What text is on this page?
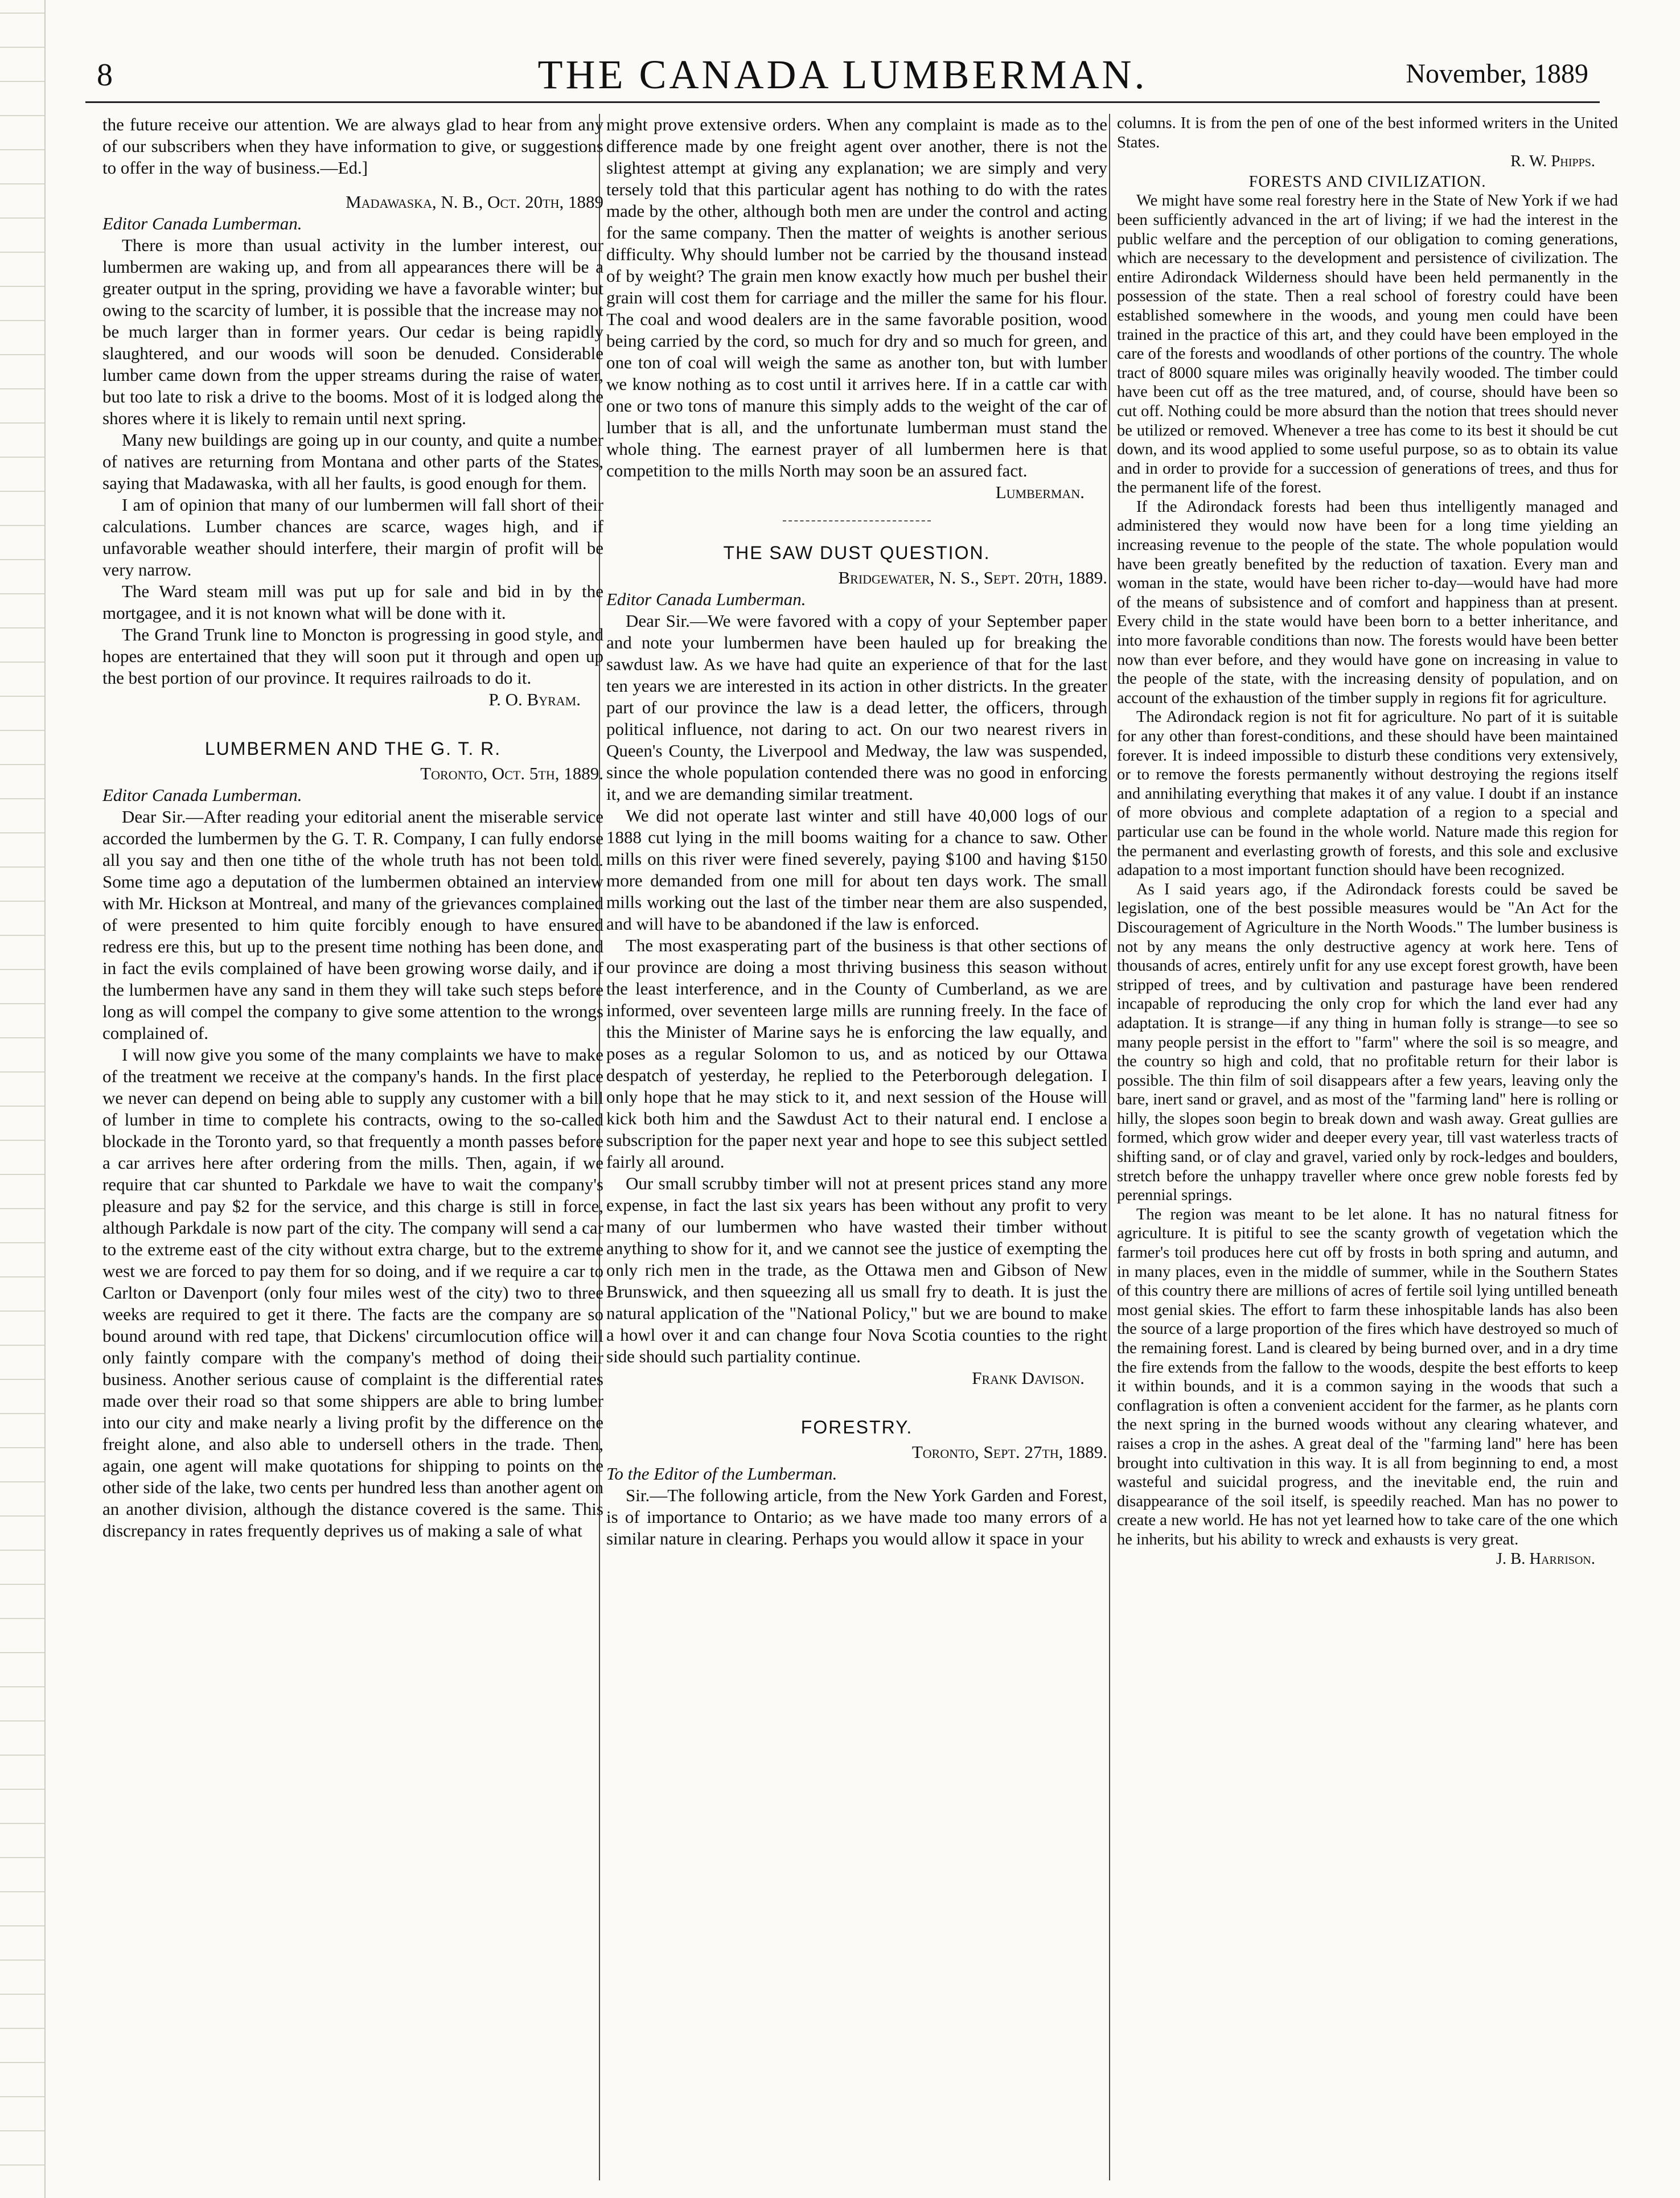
8	THE CANADA LUMBERMAN.	November, 1889

the future receive our attention. We are always glad to hear from any of our subscribers when they have information to give, or suggestions to offer in the way of business.—Ed.]

Madawaska, N. B., Oct. 20th, 1889

Editor Canada Lumberman.

There is more than usual activity in the lumber interest, our lumbermen are waking up, and from all appearances there will be a greater output in the spring, providing we have a favorable winter; but owing to the scarcity of lumber, it is possible that the increase may not be much larger than in former years. Our cedar is being rapidly slaughtered, and our woods will soon be denuded. Considerable lumber came down from the upper streams during the raise of water, but too late to risk a drive to the booms. Most of it is lodged along the shores where it is likely to remain until next spring.

Many new buildings are going up in our county, and quite a number of natives are returning from Montana and other parts of the States, saying that Madawaska, with all her faults, is good enough for them.

I am of opinion that many of our lumbermen will fall short of their calculations. Lumber chances are scarce, wages high, and if unfavorable weather should interfere, their margin of profit will be very narrow.

The Ward steam mill was put up for sale and bid in by the mortgagee, and it is not known what will be done with it.

The Grand Trunk line to Moncton is progressing in good style, and hopes are entertained that they will soon put it through and open up the best portion of our province. It requires railroads to do it.

P. O. Byram.

LUMBERMEN AND THE G. T. R.

Toronto, Oct. 5th, 1889.

Editor Canada Lumberman.

Dear Sir.—After reading your editorial anent the miserable service accorded the lumbermen by the G. T. R. Company, I can fully endorse all you say and then one tithe of the whole truth has not been told. Some time ago a deputation of the lumbermen obtained an interview with Mr. Hickson at Montreal, and many of the grievances complained of were presented to him quite forcibly enough to have ensured redress ere this, but up to the present time nothing has been done, and in fact the evils complained of have been growing worse daily, and if the lumbermen have any sand in them they will take such steps before long as will compel the company to give some attention to the wrongs complained of.

I will now give you some of the many complaints we have to make of the treatment we receive at the company's hands. In the first place we never can depend on being able to supply any customer with a bill of lumber in time to complete his contracts, owing to the so-called blockade in the Toronto yard, so that frequently a month passes before a car arrives here after ordering from the mills. Then, again, if we require that car shunted to Parkdale we have to wait the company's pleasure and pay $2 for the service, and this charge is still in force, although Parkdale is now part of the city. The company will send a car to the extreme east of the city without extra charge, but to the extreme west we are forced to pay them for so doing, and if we require a car to Carlton or Davenport (only four miles west of the city) two to three weeks are required to get it there. The facts are the company are so bound around with red tape, that Dickens' circumlocution office will only faintly compare with the company's method of doing their business. Another serious cause of complaint is the differential rates made over their road so that some shippers are able to bring lumber into our city and make nearly a living profit by the difference on the freight alone, and also able to undersell others in the trade. Then, again, one agent will make quotations for shipping to points on the other side of the lake, two cents per hundred less than another agent on an another division, although the distance covered is the same. This discrepancy in rates frequently deprives us of making a sale of what

might prove extensive orders. When any complaint is made as to the difference made by one freight agent over another, there is not the slightest attempt at giving any explanation; we are simply and very tersely told that this particular agent has nothing to do with the rates made by the other, although both men are under the control and acting for the same company. Then the matter of weights is another serious difficulty. Why should lumber not be carried by the thousand instead of by weight? The grain men know exactly how much per bushel their grain will cost them for carriage and the miller the same for his flour. The coal and wood dealers are in the same favorable position, wood being carried by the cord, so much for dry and so much for green, and one ton of coal will weigh the same as another ton, but with lumber we know nothing as to cost until it arrives here. If in a cattle car with one or two tons of manure this simply adds to the weight of the car of lumber that is all, and the unfortunate lumberman must stand the whole thing. The earnest prayer of all lumbermen here is that competition to the mills North may soon be an assured fact.

Lumberman.

THE SAW DUST QUESTION.

Bridgewater, N. S., Sept. 20th, 1889.

Editor Canada Lumberman.

Dear Sir.—We were favored with a copy of your September paper and note your lumbermen have been hauled up for breaking the sawdust law. As we have had quite an experience of that for the last ten years we are interested in its action in other districts. In the greater part of our province the law is a dead letter, the officers, through political influence, not daring to act. On our two nearest rivers in Queen's County, the Liverpool and Medway, the law was suspended, since the whole population contended there was no good in enforcing it, and we are demanding similar treatment.

We did not operate last winter and still have 40,000 logs of our 1888 cut lying in the mill booms waiting for a chance to saw. Other mills on this river were fined severely, paying $100 and having $150 more demanded from one mill for about ten days work. The small mills working out the last of the timber near them are also suspended, and will have to be abandoned if the law is enforced.

The most exasperating part of the business is that other sections of our province are doing a most thriving business this season without the least interference, and in the County of Cumberland, as we are informed, over seventeen large mills are running freely. In the face of this the Minister of Marine says he is enforcing the law equally, and poses as a regular Solomon to us, and as noticed by our Ottawa despatch of yesterday, he replied to the Peterborough delegation. I only hope that he may stick to it, and next session of the House will kick both him and the Sawdust Act to their natural end. I enclose a subscription for the paper next year and hope to see this subject settled fairly all around.

Our small scrubby timber will not at present prices stand any more expense, in fact the last six years has been without any profit to very many of our lumbermen who have wasted their timber without anything to show for it, and we cannot see the justice of exempting the only rich men in the trade, as the Ottawa men and Gibson of New Brunswick, and then squeezing all us small fry to death. It is just the natural application of the "National Policy," but we are bound to make a howl over it and can change four Nova Scotia counties to the right side should such partiality continue.

Frank Davison.

FORESTRY.

Toronto, Sept. 27th, 1889.

To the Editor of the Lumberman.

Sir.—The following article, from the New York Garden and Forest, is of importance to Ontario; as we have made too many errors of a similar nature in clearing. Perhaps you would allow it space in your

columns. It is from the pen of one of the best informed writers in the United States.

R. W. Phipps.

FORESTS AND CIVILIZATION.

We might have some real forestry here in the State of New York if we had been sufficiently advanced in the art of living; if we had the interest in the public welfare and the perception of our obligation to coming generations, which are necessary to the development and persistence of civilization. The entire Adirondack Wilderness should have been held permanently in the possession of the state. Then a real school of forestry could have been established somewhere in the woods, and young men could have been trained in the practice of this art, and they could have been employed in the care of the forests and woodlands of other portions of the country. The whole tract of 8000 square miles was originally heavily wooded. The timber could have been cut off as the tree matured, and, of course, should have been so cut off. Nothing could be more absurd than the notion that trees should never be utilized or removed. Whenever a tree has come to its best it should be cut down, and its wood applied to some useful purpose, so as to obtain its value and in order to provide for a succession of generations of trees, and thus for the permanent life of the forest.

If the Adirondack forests had been thus intelligently managed and administered they would now have been for a long time yielding an increasing revenue to the people of the state. The whole population would have been greatly benefited by the reduction of taxation. Every man and woman in the state, would have been richer to-day—would have had more of the means of subsistence and of comfort and happiness than at present. Every child in the state would have been born to a better inheritance, and into more favorable conditions than now. The forests would have been better now than ever before, and they would have gone on increasing in value to the people of the state, with the increasing density of population, and on account of the exhaustion of the timber supply in regions fit for agriculture.

The Adirondack region is not fit for agriculture. No part of it is suitable for any other than forest-conditions, and these should have been maintained forever. It is indeed impossible to disturb these conditions very extensively, or to remove the forests permanently without destroying the regions itself and annihilating everything that makes it of any value. I doubt if an instance of more obvious and complete adaptation of a region to a special and particular use can be found in the whole world. Nature made this region for the permanent and everlasting growth of forests, and this sole and exclusive adapation to a most important function should have been recognized.

As I said years ago, if the Adirondack forests could be saved be legislation, one of the best possible measures would be "An Act for the Discouragement of Agriculture in the North Woods." The lumber business is not by any means the only destructive agency at work here. Tens of thousands of acres, entirely unfit for any use except forest growth, have been stripped of trees, and by cultivation and pasturage have been rendered incapable of reproducing the only crop for which the land ever had any adaptation. It is strange—if any thing in human folly is strange—to see so many people persist in the effort to "farm" where the soil is so meagre, and the country so high and cold, that no profitable return for their labor is possible. The thin film of soil disappears after a few years, leaving only the bare, inert sand or gravel, and as most of the "farming land" here is rolling or hilly, the slopes soon begin to break down and wash away. Great gullies are formed, which grow wider and deeper every year, till vast waterless tracts of shifting sand, or of clay and gravel, varied only by rock-ledges and boulders, stretch before the unhappy traveller where once grew noble forests fed by perennial springs.

The region was meant to be let alone. It has no natural fitness for agriculture. It is pitiful to see the scanty growth of vegetation which the farmer's toil produces here cut off by frosts in both spring and autumn, and in many places, even in the middle of summer, while in the Southern States of this country there are millions of acres of fertile soil lying untilled beneath most genial skies. The effort to farm these inhospitable lands has also been the source of a large proportion of the fires which have destroyed so much of the remaining forest. Land is cleared by being burned over, and in a dry time the fire extends from the fallow to the woods, despite the best efforts to keep it within bounds, and it is a common saying in the woods that such a conflagration is often a convenient accident for the farmer, as he plants corn the next spring in the burned woods without any clearing whatever, and raises a crop in the ashes. A great deal of the "farming land" here has been brought into cultivation in this way. It is all from beginning to end, a most wasteful and suicidal progress, and the inevitable end, the ruin and disappearance of the soil itself, is speedily reached. Man has no power to create a new world. He has not yet learned how to take care of the one which he inherits, but his ability to wreck and exhausts is very great.

J. B. Harrison.
